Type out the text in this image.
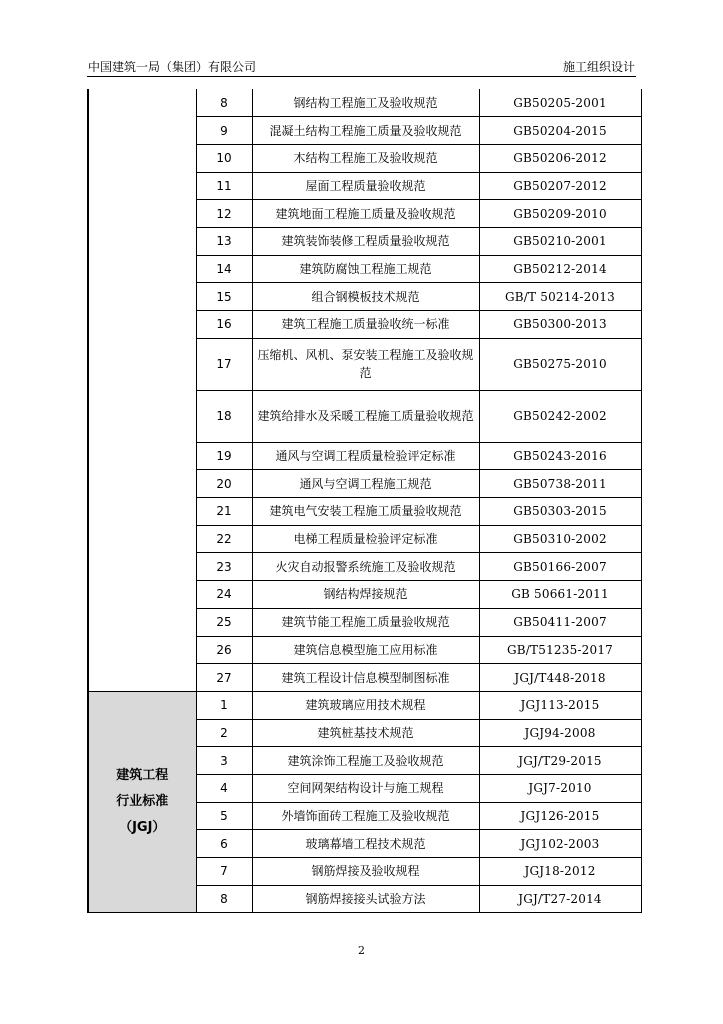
中国建筑一局（集团）有限公司	施工组织设计
	8	钢结构工程施工及验收规范	GB50205-2001
	9	混凝土结构工程施工质量及验收规范	GB50204-2015
	10	木结构工程施工及验收规范	GB50206-2012
	11	屋面工程质量验收规范	GB50207-2012
	12	建筑地面工程施工质量及验收规范	GB50209-2010
	13	建筑装饰装修工程质量验收规范	GB50210-2001
	14	建筑防腐蚀工程施工规范	GB50212-2014
	15	组合钢模板技术规范	GB/T 50214-2013
	16	建筑工程施工质量验收统一标准	GB50300-2013
	17	压缩机、风机、泵安装工程施工及验收规范	GB50275-2010
	18	建筑给排水及采暖工程施工质量验收规范	GB50242-2002
	19	通风与空调工程质量检验评定标准	GB50243-2016
	20	通风与空调工程施工规范	GB50738-2011
	21	建筑电气安装工程施工质量验收规范	GB50303-2015
	22	电梯工程质量检验评定标准	GB50310-2002
	23	火灾自动报警系统施工及验收规范	GB50166-2007
	24	钢结构焊接规范	GB 50661-2011
	25	建筑节能工程施工质量验收规范	GB50411-2007
	26	建筑信息模型施工应用标准	GB/T51235-2017
	27	建筑工程设计信息模型制图标准	JGJ/T448-2018
建筑工程
行业标准
（JGJ）	1	建筑玻璃应用技术规程	JGJ113-2015
	2	建筑桩基技术规范	JGJ94-2008
	3	建筑涂饰工程施工及验收规范	JGJ/T29-2015
	4	空间网架结构设计与施工规程	JGJ7-2010
	5	外墙饰面砖工程施工及验收规范	JGJ126-2015
	6	玻璃幕墙工程技术规范	JGJ102-2003
	7	钢筋焊接及验收规程	JGJ18-2012
	8	钢筋焊接接头试验方法	JGJ/T27-2014
2
